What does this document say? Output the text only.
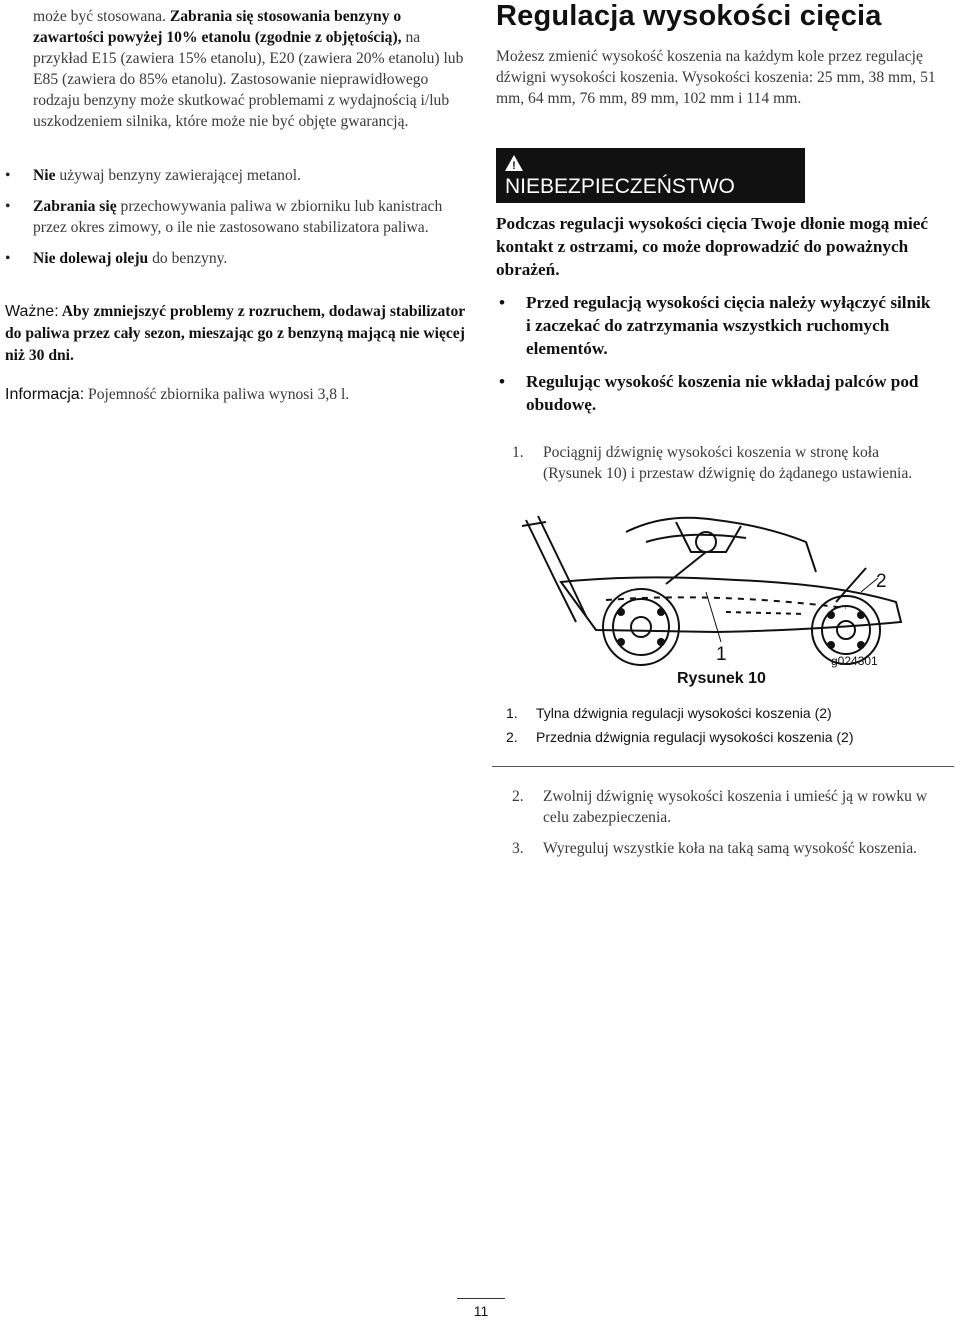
może być stosowana. Zabrania się stosowania benzyny o zawartości powyżej 10% etanolu (zgodnie z objętością), na przykład E15 (zawiera 15% etanolu), E20 (zawiera 20% etanolu) lub E85 (zawiera do 85% etanolu). Zastosowanie nieprawidłowego rodzaju benzyny może skutkować problemami z wydajnością i/lub uszkodzeniem silnika, które może nie być objęte gwarancją.

• Nie używaj benzyny zawierającej metanol.
• Zabrania się przechowywania paliwa w zbiorniku lub kanistrach przez okres zimowy, o ile nie zastosowano stabilizatora paliwa.
• Nie dolewaj oleju do benzyny.

Ważne: Aby zmniejszyć problemy z rozruchem, dodawaj stabilizator do paliwa przez cały sezon, mieszając go z benzyną mającą nie więcej niż 30 dni.

Informacja: Pojemność zbiornika paliwa wynosi 3,8 l.

Regulacja wysokości cięcia

Możesz zmienić wysokość koszenia na każdym kole przez regulację dźwigni wysokości koszenia. Wysokości koszenia: 25 mm, 38 mm, 51 mm, 64 mm, 76 mm, 89 mm, 102 mm i 114 mm.

!
NIEBEZPIECZEŃSTWO

Podczas regulacji wysokości cięcia Twoje dłonie mogą mieć kontakt z ostrzami, co może doprowadzić do poważnych obrażeń.

• Przed regulacją wysokości cięcia należy wyłączyć silnik i zaczekać do zatrzymania wszystkich ruchomych elementów.
• Regulując wysokość koszenia nie wkładaj palców pod obudowę.
1. Pociągnij dźwignię wysokości koszenia w stronę koła (Rysunek 10) i przestaw dźwignię do żądanego ustawienia.
2
1	g024301
Rysunek 10
1. Tylna dźwignia regulacji wysokości koszenia (2)
2. Przednia dźwignia regulacji wysokości koszenia (2)
2. Zwolnij dźwignię wysokości koszenia i umieść ją w rowku w celu zabezpieczenia.
3. Wyreguluj wszystkie koła na taką samą wysokość koszenia.
11
